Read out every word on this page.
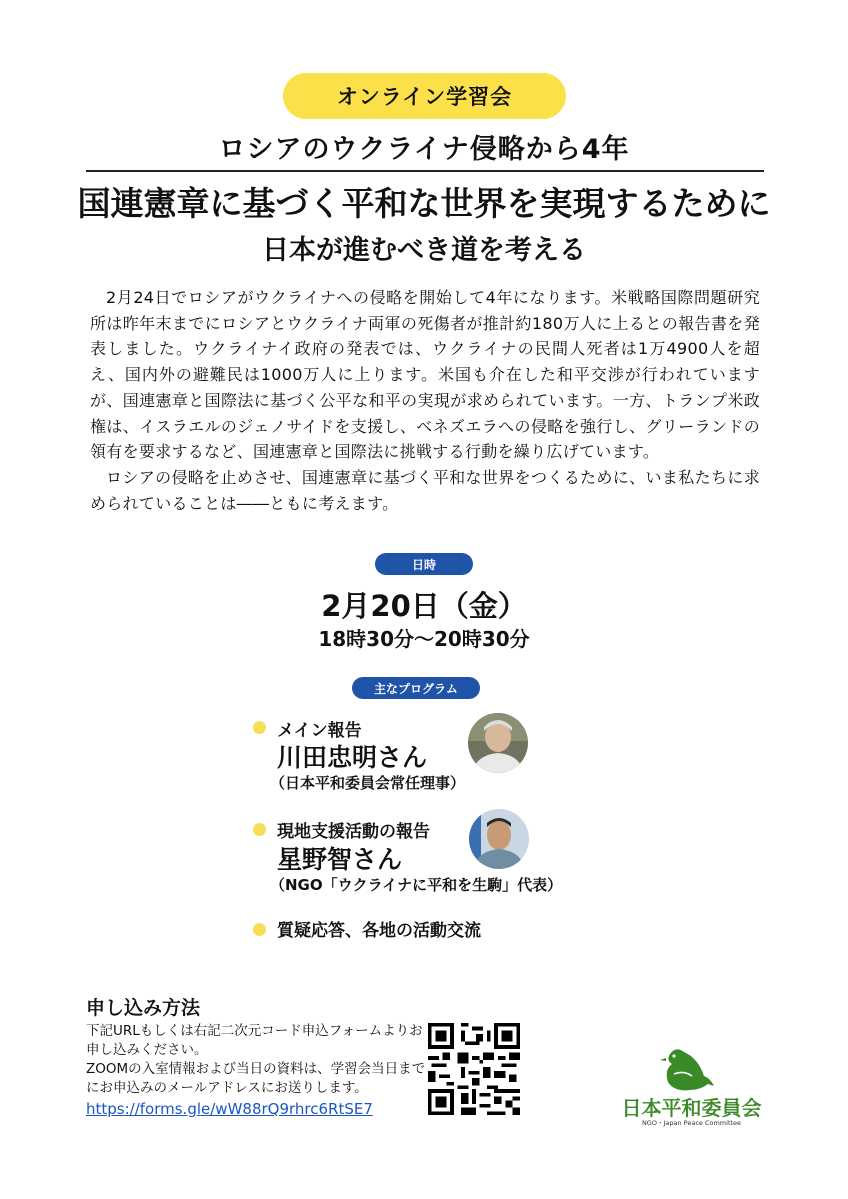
オンライン学習会
ロシアのウクライナ侵略から4年
国連憲章に基づく平和な世界を実現するために
日本が進むべき道を考える

2月24日でロシアがウクライナへの侵略を開始して4年になります。米戦略国際問題研究所は昨年末までにロシアとウクライナ両軍の死傷者が推計約180万人に上るとの報告書を発表しました。ウクライナイ政府の発表では、ウクライナの民間人死者は1万4900人を超え、国内外の避難民は1000万人に上ります。米国も介在した和平交渉が行われていますが、国連憲章と国際法に基づく公平な和平の実現が求められています。一方、トランプ米政権は、イスラエルのジェノサイドを支援し、ベネズエラへの侵略を強行し、グリーランドの領有を要求するなど、国連憲章と国際法に挑戦する行動を繰り広げています。

ロシアの侵略を止めさせ、国連憲章に基づく平和な世界をつくるために、いま私たちに求められていることは――ともに考えます。

日時
2月20日（金）
18時30分〜20時30分
主なプログラム
メイン報告
川田忠明さん
（日本平和委員会常任理事）
現地支援活動の報告
星野智さん
（NGO「ウクライナに平和を生駒」代表）
質疑応答、各地の活動交流
申し込み方法
下記URLもしくは右記二次元コード申込フォームよりお申し込みください。
ZOOMの入室情報および当日の資料は、学習会当日までにお申込みのメールアドレスにお送りします。
https://forms.gle/wW88rQ9rhrc6RtSE7	日本平和委員会
NGO・Japan Peace Committee
